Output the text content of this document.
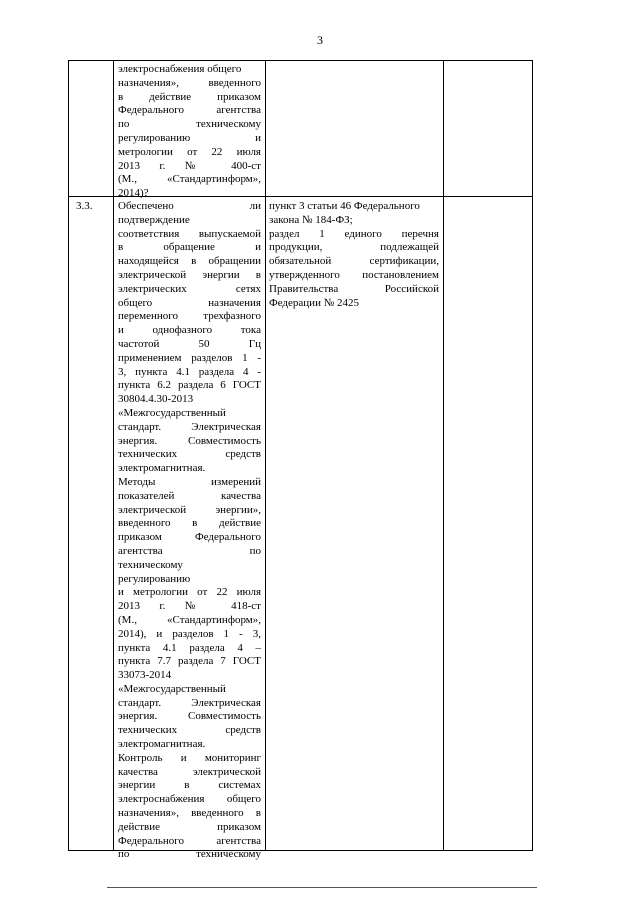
3

электроснабжения общего

назначения», введенного

в действие приказом

Федерального агентства

по техническому

регулированию и

метрологии от 22 июля

2013 г. № 400-ст

(М., «Стандартинформ»,

2014)?

3.3.	Обеспечено ли

подтверждение

соответствия выпускаемой

в обращение и

находящейся в обращении

электрической энергии в

электрических сетях

общего назначения

переменного трехфазного

и однофазного тока

частотой 50 Гц

применением разделов 1 -

3, пункта 4.1 раздела 4 -

пункта 6.2 раздела 6 ГОСТ

30804.4.30-2013

«Межгосударственный

стандарт. Электрическая

энергия. Совместимость

технических средств

электромагнитная.

Методы измерений

показателей качества

электрической энергии»,

введенного в действие

приказом Федерального

агентства по

техническому

регулированию

и метрологии от 22 июля

2013 г. № 418-ст

(М., «Стандартинформ»,

2014), и разделов 1 - 3,

пункта 4.1 раздела 4 –

пункта 7.7 раздела 7 ГОСТ

33073-2014

«Межгосударственный

стандарт. Электрическая

энергия. Совместимость

технических средств

электромагнитная.

Контроль и мониторинг

качества электрической

энергии в системах

электроснабжения общего

назначения», введенного в

действие приказом

Федерального агентства

по техническому

пункт 3 статьи 46 Федерального

закона № 184-ФЗ;

раздел 1 единого перечня

продукции, подлежащей

обязательной сертификации,

утвержденного постановлением

Правительства Российской

Федерации № 2425
